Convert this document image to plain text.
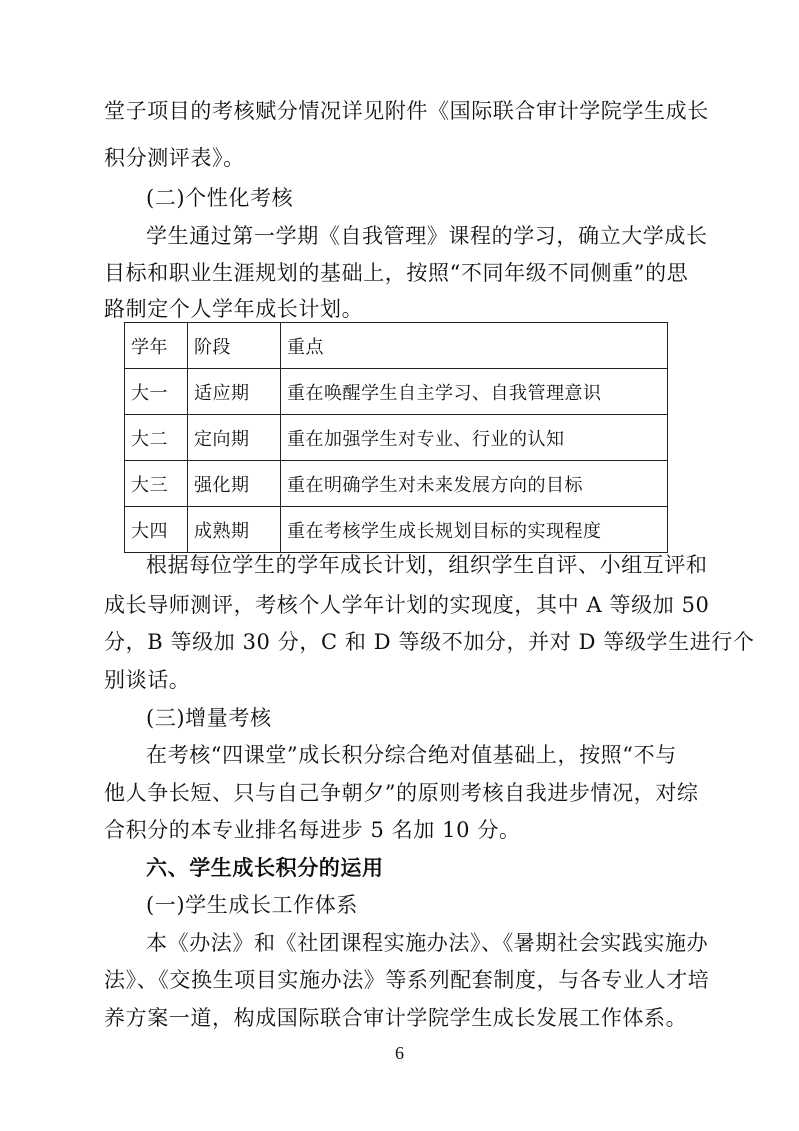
堂子项目的考核赋分情况详见附件《国际联合审计学院学生成长
积分测评表》。
(二)个性化考核
学生通过第一学期《自我管理》课程的学习，确立大学成长
目标和职业生涯规划的基础上，按照“不同年级不同侧重”的思
路制定个人学年成长计划。
学年	阶段	重点
大一	适应期	重在唤醒学生自主学习、自我管理意识
大二	定向期	重在加强学生对专业、行业的认知
大三	强化期	重在明确学生对未来发展方向的目标
大四	成熟期	重在考核学生成长规划目标的实现程度
根据每位学生的学年成长计划，组织学生自评、小组互评和
成长导师测评，考核个人学年计划的实现度，其中 A 等级加 50
分，B 等级加 30 分，C 和 D 等级不加分，并对 D 等级学生进行个
别谈话。
(三)增量考核
在考核“四课堂”成长积分综合绝对值基础上，按照“不与
他人争长短、只与自己争朝夕”的原则考核自我进步情况，对综
合积分的本专业排名每进步 5 名加 10 分。
六、学生成长积分的运用
(一)学生成长工作体系
本《办法》和《社团课程实施办法》、《暑期社会实践实施办
法》、《交换生项目实施办法》等系列配套制度，与各专业人才培
养方案一道，构成国际联合审计学院学生成长发展工作体系。
6
